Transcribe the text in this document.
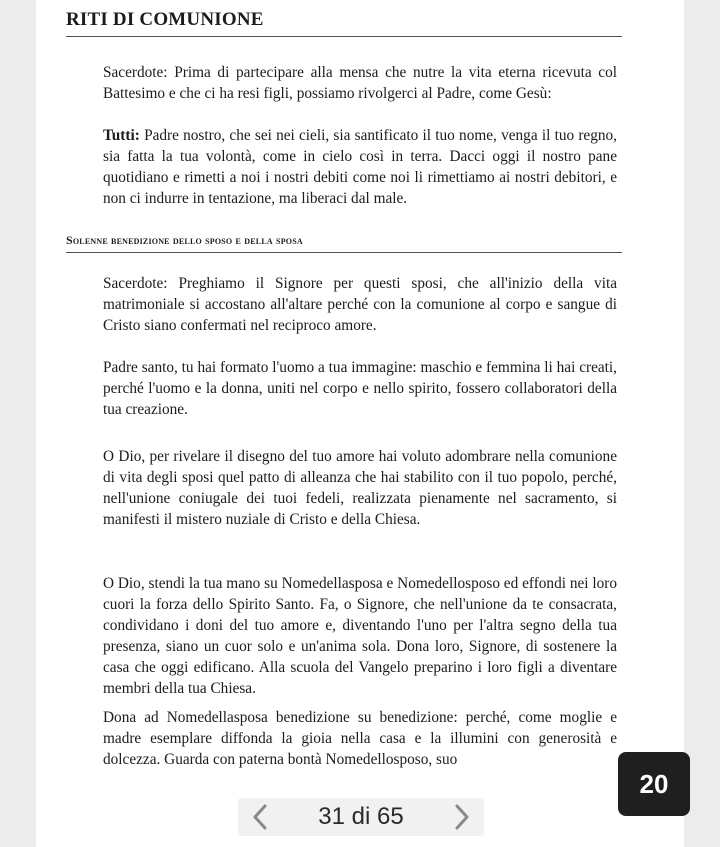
RITI DI COMUNIONE

Sacerdote: Prima di partecipare alla mensa che nutre la vita eterna ricevuta col Battesimo e che ci ha resi figli, possiamo rivolgerci al Padre, come Gesù:

Tutti: Padre nostro, che sei nei cieli, sia santificato il tuo nome, venga il tuo regno, sia fatta la tua volontà, come in cielo così in terra. Dacci oggi il nostro pane quotidiano e rimetti a noi i nostri debiti come noi li rimettiamo ai nostri debitori, e non ci indurre in tentazione, ma liberaci dal male.

Solenne benedizione dello sposo e della sposa

Sacerdote: Preghiamo il Signore per questi sposi, che all'inizio della vita matrimoniale si accostano all'altare perché con la comunione al corpo e sangue di Cristo siano confermati nel reciproco amore.

Padre santo, tu hai formato l'uomo a tua immagine: maschio e femmina li hai creati, perché l'uomo e la donna, uniti nel corpo e nello spirito, fossero collaboratori della tua creazione.

O Dio, per rivelare il disegno del tuo amore hai voluto adombrare nella comunione di vita degli sposi quel patto di alleanza che hai stabilito con il tuo popolo, perché, nell'unione coniugale dei tuoi fedeli, realizzata pienamente nel sacramento, si manifesti il mistero nuziale di Cristo e della Chiesa.

O Dio, stendi la tua mano su Nomedellasposa e Nomedellosposo ed effondi nei loro cuori la forza dello Spirito Santo. Fa, o Signore, che nell'unione da te consacrata, condividano i doni del tuo amore e, diventando l'uno per l'altra segno della tua presenza, siano un cuor solo e un'anima sola. Dona loro, Signore, di sostenere la casa che oggi edificano. Alla scuola del Vangelo preparino i loro figli a diventare membri della tua Chiesa.

Dona ad Nomedellasposa benedizione su benedizione: perché, come moglie e madre esemplare diffonda la gioia nella casa e la illumini con generosità e dolcezza. Guarda con paterna bontà Nomedellosposo, suo

31 di 65
20
